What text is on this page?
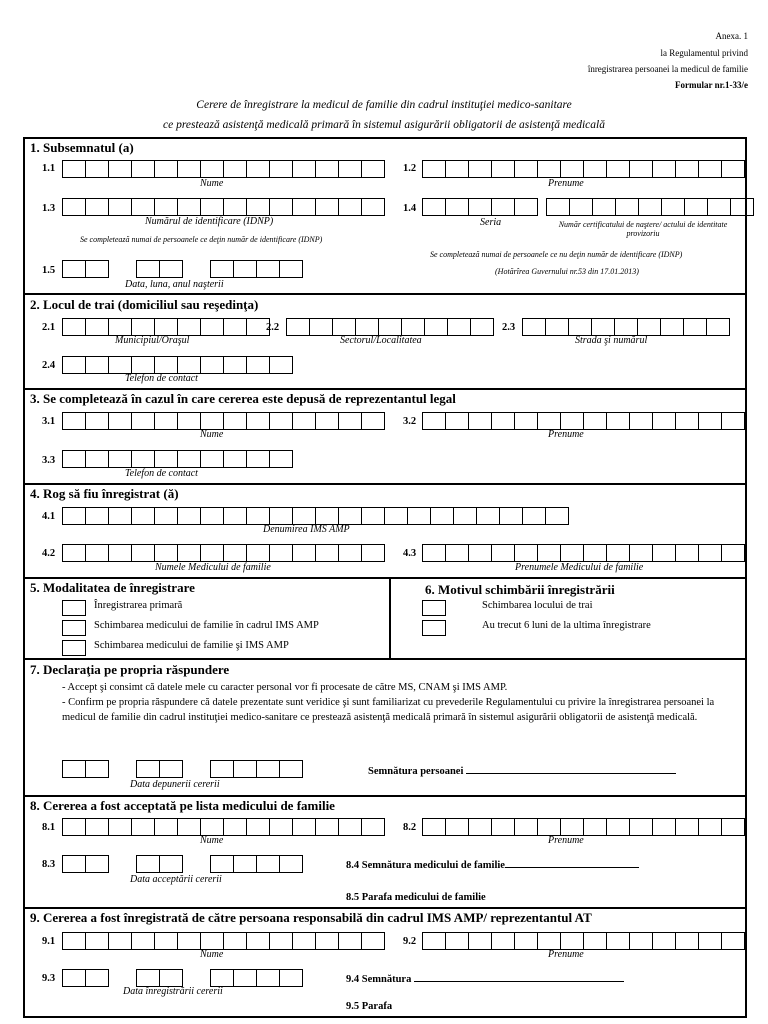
Anexa. 1
la Regulamentul privind
înregistrarea persoanei la medicul de familie
Formular nr.1-33/e
Cerere de înregistrare la medicul de familie din cadrul instituţiei medico-sanitare
ce prestează asistenţă medicală primară în sistemul asigurării obligatorii de asistenţă medicală
1. Subsemnatul (a)
1.1
Nume
1.2
Prenume
1.3
Numărul de identificare (IDNP)
Se completează numai de persoanele ce deţin număr de identificare (IDNP)
1.4
Seria	Număr certificatului de naştere/ actului de identitate provizoriu
Se completează numai de persoanele ce nu deţin număr de identificare (IDNP)
(Hotărîrea Guvernului nr.53 din 17.01.2013)
1.5
Data, luna, anul naşterii
2. Locul de trai (domiciliul sau reşedinţa)
2.1
Municipiul/Oraşul
2.2
Sectorul/Localitatea
2.3
Strada şi numărul
2.4
Telefon de contact
3. Se completează în cazul în care cererea este depusă de reprezentantul legal
3.1
Nume
3.2
Prenume
3.3
Telefon de contact
4. Rog să fiu înregistrat (ă)
4.1
Denumirea IMS AMP
4.2
Numele Medicului de familie
4.3
Prenumele Medicului de familie
5. Modalitatea de înregistrare
Înregistrarea primară
Schimbarea medicului de familie în cadrul IMS AMP
Schimbarea medicului de familie şi IMS AMP
6. Motivul schimbării înregistrării
Schimbarea locului de trai
Au trecut 6 luni de la ultima înregistrare
7. Declaraţia pe propria răspundere
- Accept şi consimt că datele mele cu caracter personal vor fi procesate de către MS, CNAM şi IMS AMP.
- Confirm pe propria răspundere că datele prezentate sunt veridice şi sunt familiarizat cu prevederile Regulamentului cu privire la înregistrarea persoanei la medicul de familie din cadrul instituţiei medico-sanitare ce prestează asistenţă medicală primară în sistemul asigurării obligatorii de asistenţă medicală.
Data depunerii cererii
Semnătura persoanei
8. Cererea a fost acceptată pe lista medicului de familie
8.1
Nume
8.2
Prenume
8.3
Data acceptării cererii
8.4 Semnătura medicului de familie
8.5 Parafa medicului de familie
9. Cererea a fost înregistrată de către persoana responsabilă din cadrul IMS AMP/ reprezentantul AT
9.1
Nume
9.2
Prenume
9.3
Data înregistrării cererii
9.4 Semnătura
9.5 Parafa
